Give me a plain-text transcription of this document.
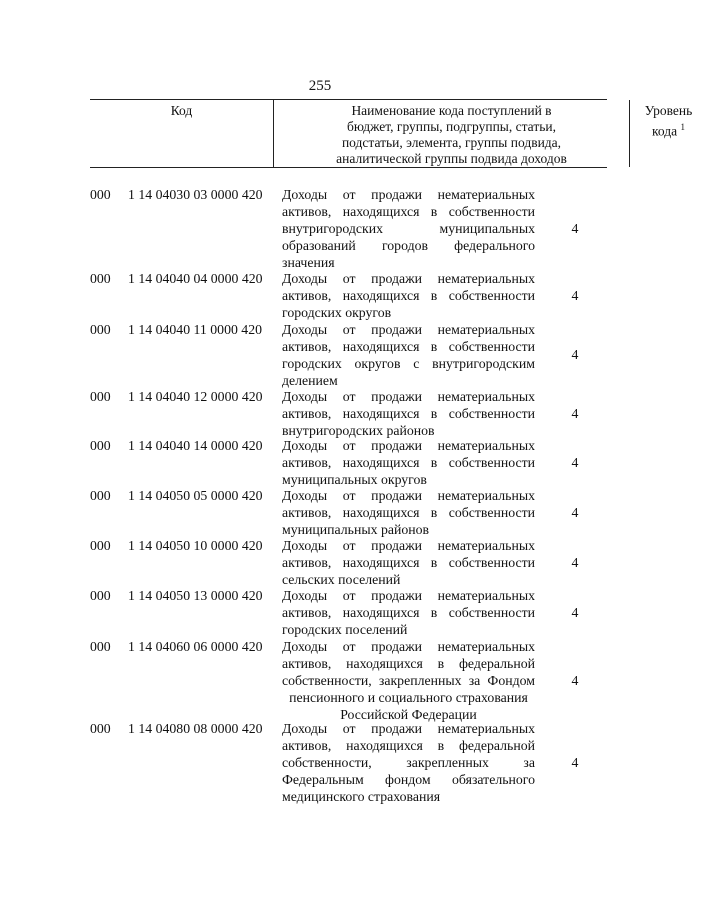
255
Код	Наименование кода поступлений в
бюджет, группы, подгруппы, статьи,
подстатьи, элемента, группы подвида,
аналитической группы подвида доходов
Уровень
кода $^1$
000	1 14 04030 03 0000 420	Доходы от продажи нематериальных
активов, находящихся в собственности
внутригородских муниципальных
образований городов федерального
значения
4
000	1 14 04040 04 0000 420	Доходы от продажи нематериальных
активов, находящихся в собственности
городских округов
4
000	1 14 04040 11 0000 420	Доходы от продажи нематериальных
активов, находящихся в собственности
городских округов с внутригородским
делением
4
000	1 14 04040 12 0000 420	Доходы от продажи нематериальных
активов, находящихся в собственности
внутригородских районов
4
000	1 14 04040 14 0000 420	Доходы от продажи нематериальных
активов, находящихся в собственности
муниципальных округов
4
000	1 14 04050 05 0000 420	Доходы от продажи нематериальных
активов, находящихся в собственности
муниципальных районов
4
000	1 14 04050 10 0000 420	Доходы от продажи нематериальных
активов, находящихся в собственности
сельских поселений
4
000	1 14 04050 13 0000 420	Доходы от продажи нематериальных
активов, находящихся в собственности
городских поселений
4
000	1 14 04060 06 0000 420	Доходы от продажи нематериальных
активов, находящихся в федеральной
собственности, закрепленных за Фондом
пенсионного и социального страхования
Российской Федерации
4
000	1 14 04080 08 0000 420	Доходы от продажи нематериальных
активов, находящихся в федеральной
собственности, закрепленных за
Федеральным фондом обязательного
медицинского страхования
4
